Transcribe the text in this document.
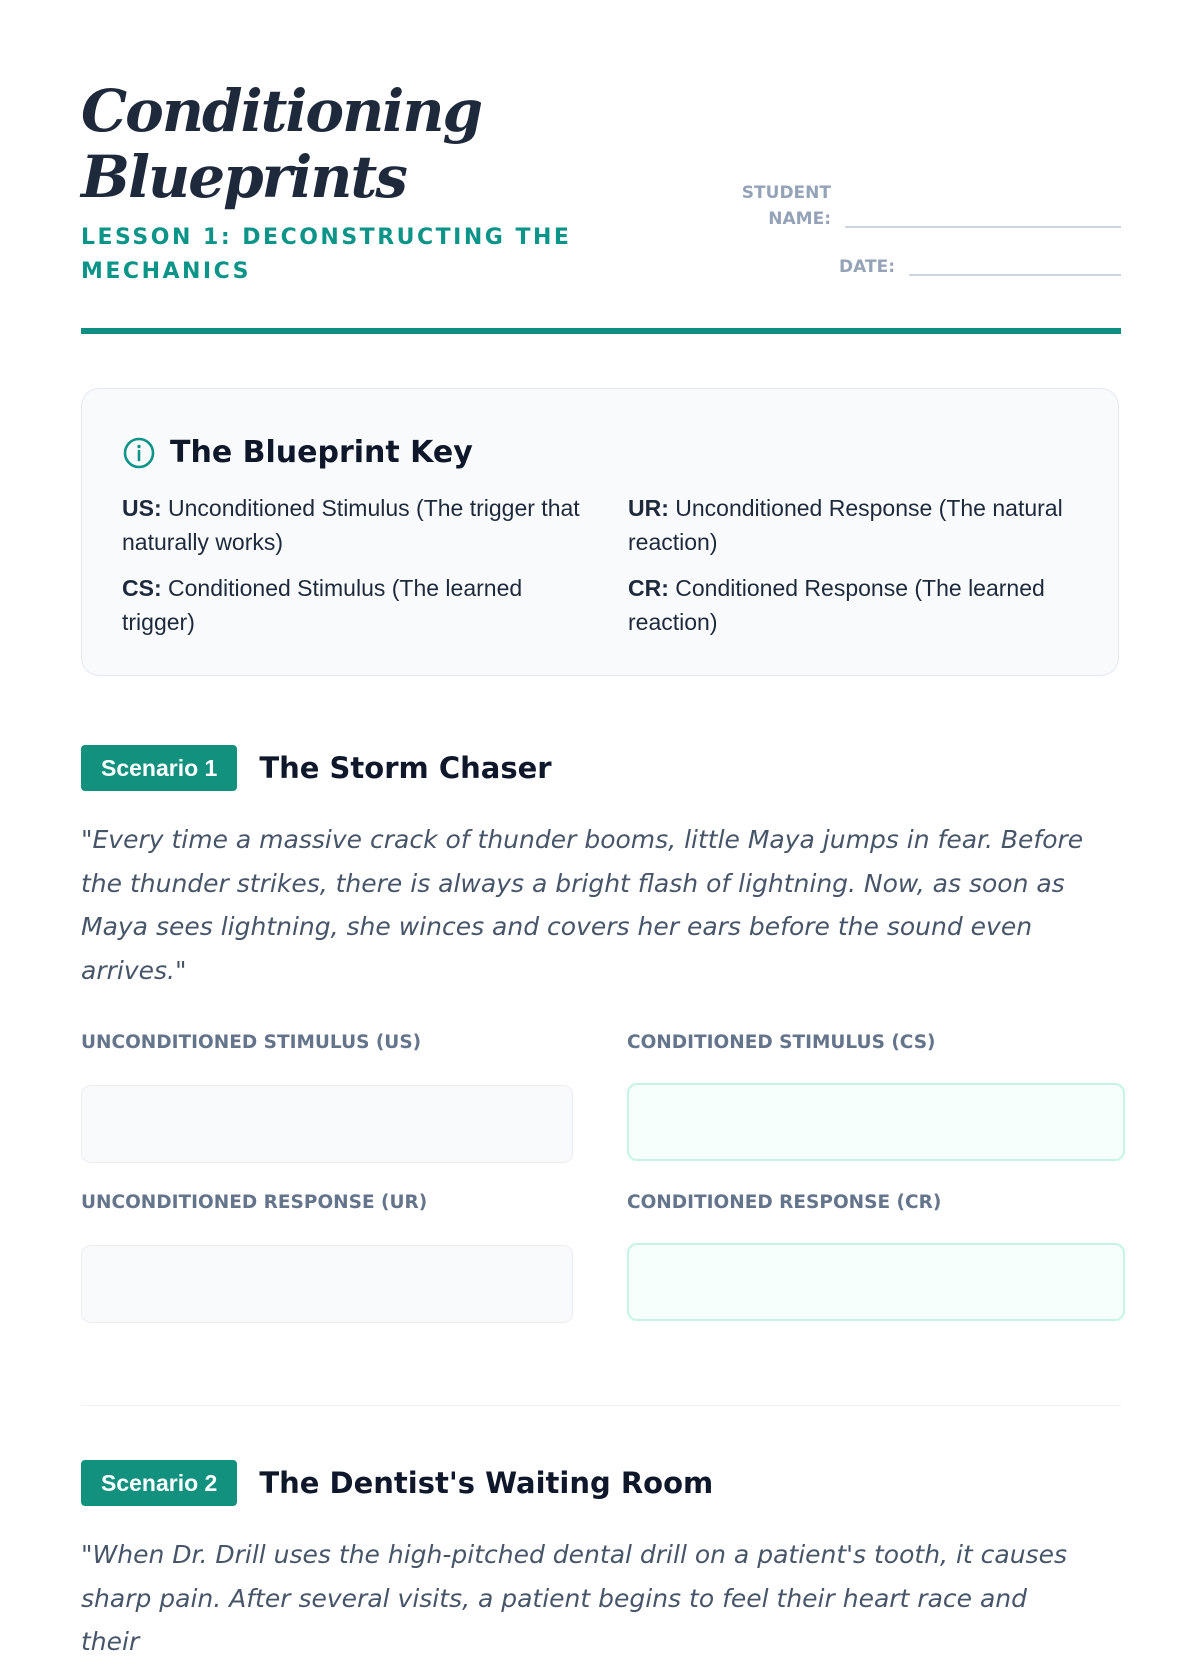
Conditioning
Blueprints
LESSON 1: DECONSTRUCTING THE MECHANICS
STUDENT
NAME:
DATE:
The Blueprint Key
US: Unconditioned Stimulus (The trigger that naturally works)
UR: Unconditioned Response (The natural reaction)
CS: Conditioned Stimulus (The learned trigger)
CR: Conditioned Response (The learned reaction)
Scenario 1	The Storm Chaser

"Every time a massive crack of thunder booms, little Maya jumps in fear. Before the thunder strikes, there is always a bright flash of lightning. Now, as soon as Maya sees lightning, she winces and covers her ears before the sound even arrives."

UNCONDITIONED STIMULUS (US)	CONDITIONED STIMULUS (CS)
UNCONDITIONED RESPONSE (UR)	CONDITIONED RESPONSE (CR)
Scenario 2	The Dentist's Waiting Room

"When Dr. Drill uses the high-pitched dental drill on a patient's tooth, it causes sharp pain. After several visits, a patient begins to feel their heart race and their
